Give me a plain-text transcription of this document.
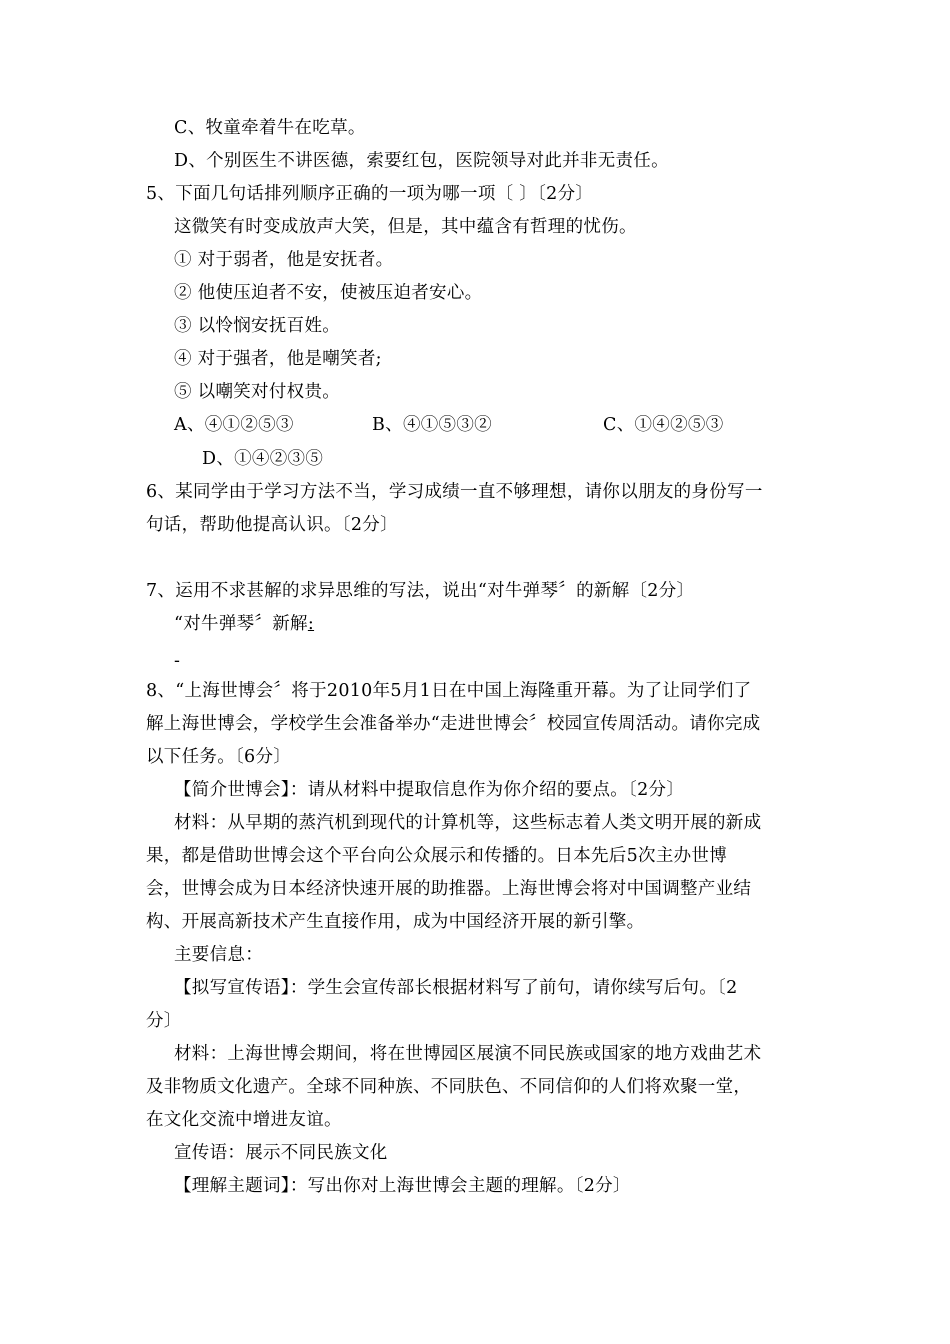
C、牧童牵着牛在吃草。
D、个别医生不讲医德，索要红包，医院领导对此并非无责任。
5、下面几句话排列顺序正确的一项为哪一项〔 〕〔2分〕
这微笑有时变成放声大笑，但是，其中蕴含有哲理的忧伤。
① 对于弱者，他是安抚者。
② 他使压迫者不安，使被压迫者安心。
③ 以怜悯安抚百姓。
④ 对于强者，他是嘲笑者;
⑤ 以嘲笑对付权贵。
A、④①②⑤③	B、④①⑤③②	C、①④②⑤③
D、①④②③⑤
6、某同学由于学习方法不当，学习成绩一直不够理想，请你以朋友的身份写一
句话，帮助他提高认识。〔2分〕
7、运用不求甚解的求异思维的写法，说出“对牛弹琴〞的新解〔2分〕
“对牛弹琴〞新解:
-
8、“上海世博会〞将于2010年5月1日在中国上海隆重开幕。为了让同学们了
解上海世博会，学校学生会准备举办“走进世博会〞校园宣传周活动。请你完成
以下任务。〔6分〕
【简介世博会】：请从材料中提取信息作为你介绍的要点。〔2分〕
材料：从早期的蒸汽机到现代的计算机等，这些标志着人类文明开展的新成
果，都是借助世博会这个平台向公众展示和传播的。日本先后5次主办世博
会，世博会成为日本经济快速开展的助推器。上海世博会将对中国调整产业结
构、开展高新技术产生直接作用，成为中国经济开展的新引擎。
主要信息：
【拟写宣传语】：学生会宣传部长根据材料写了前句，请你续写后句。〔2
分〕
材料：上海世博会期间，将在世博园区展演不同民族或国家的地方戏曲艺术
及非物质文化遗产。全球不同种族、不同肤色、不同信仰的人们将欢聚一堂，
在文化交流中增进友谊。
宣传语：展示不同民族文化
【理解主题词】：写出你对上海世博会主题的理解。〔2分〕
